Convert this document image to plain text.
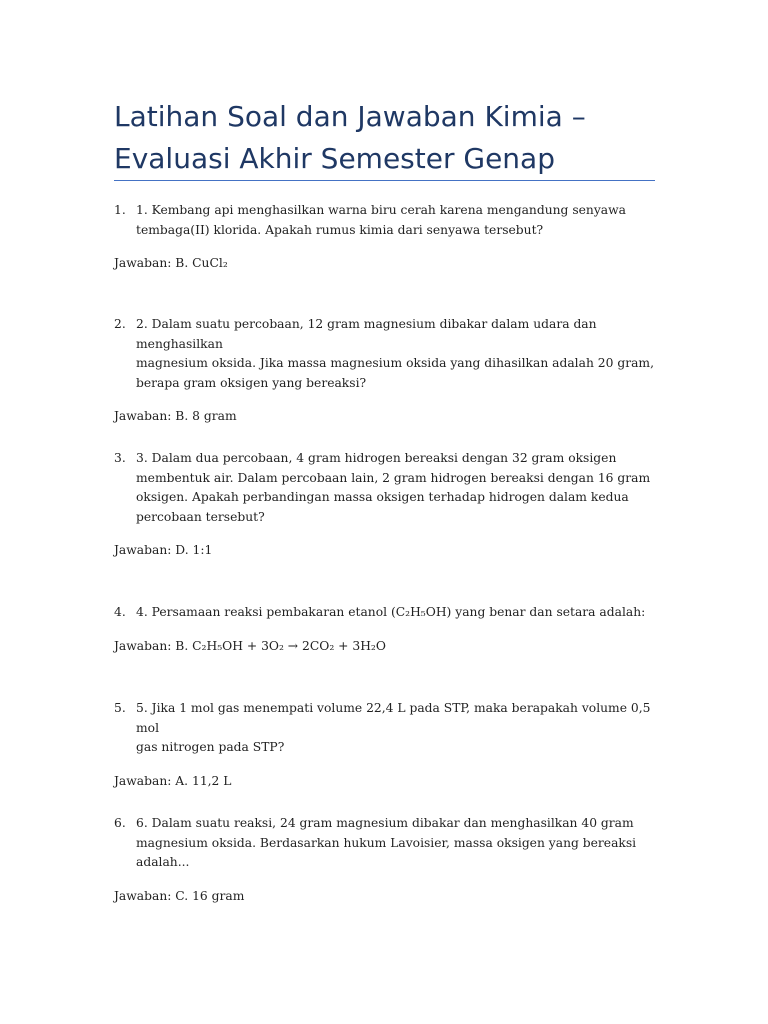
Latihan Soal dan Jawaban Kimia – Evaluasi Akhir Semester Genap
1. 1. Kembang api menghasilkan warna biru cerah karena mengandung senyawa
tembaga(II) klorida. Apakah rumus kimia dari senyawa tersebut?
Jawaban: B. CuCl₂
2. 2. Dalam suatu percobaan, 12 gram magnesium dibakar dalam udara dan menghasilkan
magnesium oksida. Jika massa magnesium oksida yang dihasilkan adalah 20 gram,
berapa gram oksigen yang bereaksi?
Jawaban: B. 8 gram
3. 3. Dalam dua percobaan, 4 gram hidrogen bereaksi dengan 32 gram oksigen
membentuk air. Dalam percobaan lain, 2 gram hidrogen bereaksi dengan 16 gram
oksigen. Apakah perbandingan massa oksigen terhadap hidrogen dalam kedua
percobaan tersebut?
Jawaban: D. 1:1
4. 4. Persamaan reaksi pembakaran etanol (C₂H₅OH) yang benar dan setara adalah:
Jawaban: B. C₂H₅OH + 3O₂ → 2CO₂ + 3H₂O
5. 5. Jika 1 mol gas menempati volume 22,4 L pada STP, maka berapakah volume 0,5 mol
gas nitrogen pada STP?
Jawaban: A. 11,2 L
6. 6. Dalam suatu reaksi, 24 gram magnesium dibakar dan menghasilkan 40 gram
magnesium oksida. Berdasarkan hukum Lavoisier, massa oksigen yang bereaksi
adalah...
Jawaban: C. 16 gram
